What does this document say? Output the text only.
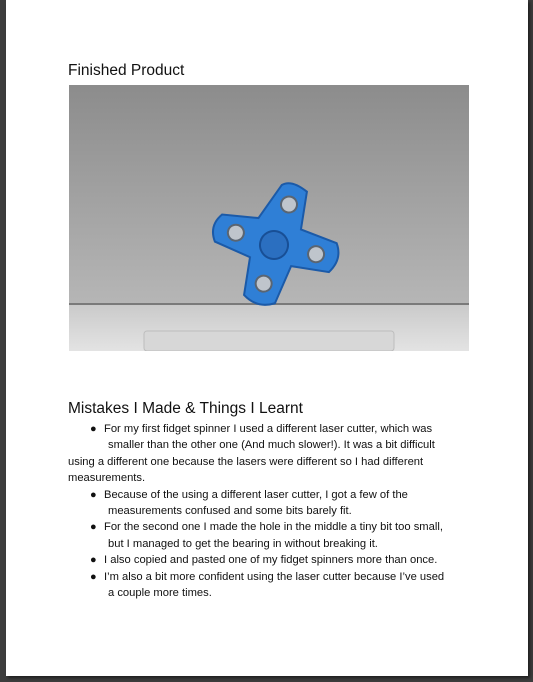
Finished Product
Mistakes I Made & Things I Learnt
● For my first fidget spinner I used a different laser cutter, which was
smaller than the other one (And much slower!). It was a bit difficult
using a different one because the lasers were different so I had different
measurements.
● Because of the using a different laser cutter, I got a few of the
measurements confused and some bits barely fit.
● For the second one I made the hole in the middle a tiny bit too small,
but I managed to get the bearing in without breaking it.
● I also copied and pasted one of my fidget spinners more than once.
● I’m also a bit more confident using the laser cutter because I’ve used
a couple more times.
